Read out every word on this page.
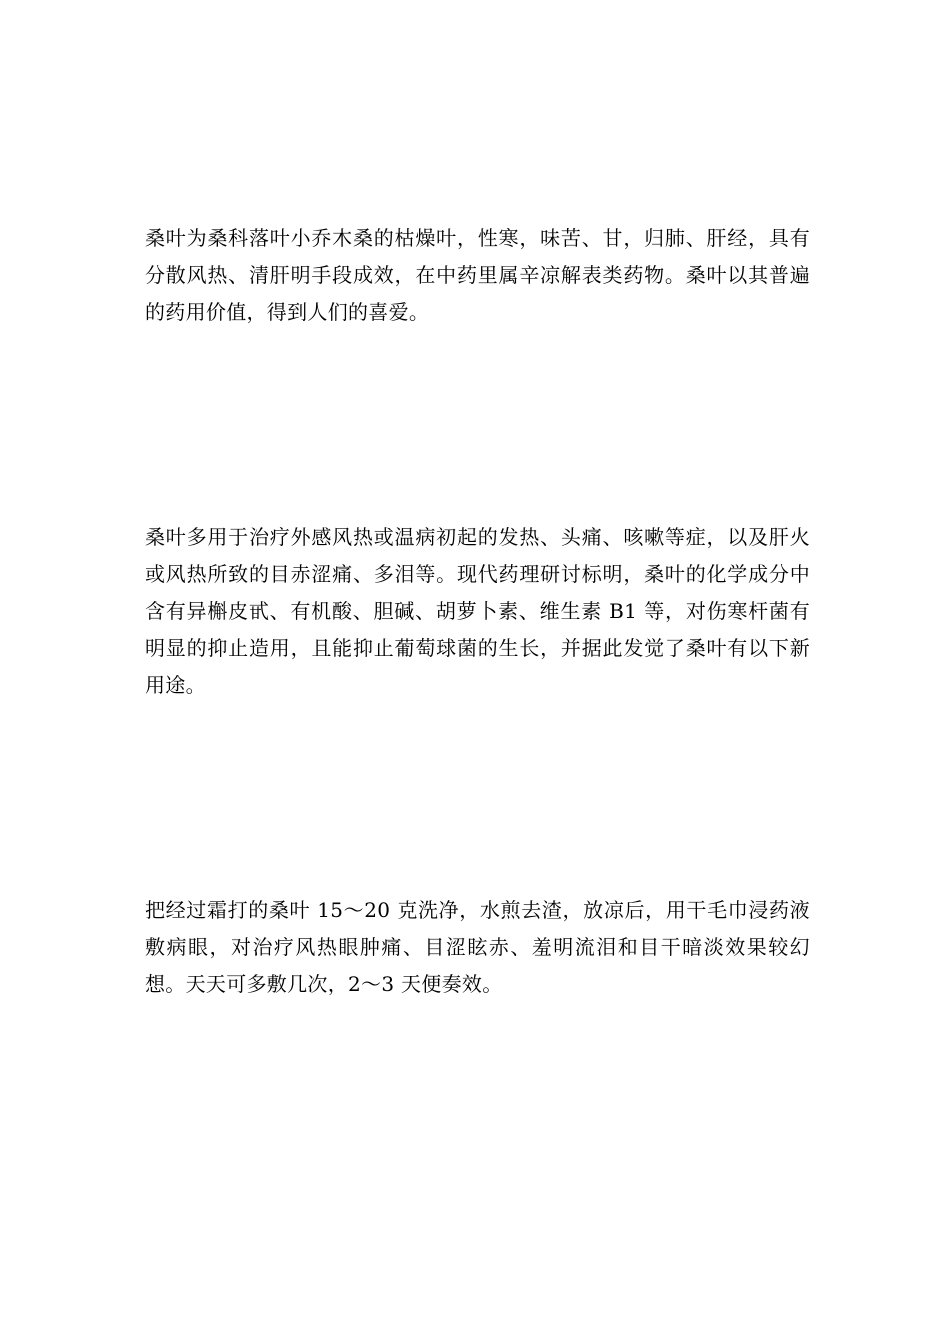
桑叶为桑科落叶小乔木桑的枯燥叶，性寒，味苦、甘，归肺、肝经，具有分散风热、清肝明手段成效，在中药里属辛凉解表类药物。桑叶以其普遍的药用价值，得到人们的喜爱。

桑叶多用于治疗外感风热或温病初起的发热、头痛、咳嗽等症，以及肝火或风热所致的目赤涩痛、多泪等。现代药理研讨标明，桑叶的化学成分中含有异槲皮甙、有机酸、胆碱、胡萝卜素、维生素 B1 等，对伤寒杆菌有明显的抑止造用，且能抑止葡萄球菌的生长，并据此发觉了桑叶有以下新用途。

把经过霜打的桑叶 15～20 克洗净，水煎去渣，放凉后，用干毛巾浸药液敷病眼，对治疗风热眼肿痛、目涩眩赤、羞明流泪和目干暗淡效果较幻想。天天可多敷几次，2～3 天便奏效。
